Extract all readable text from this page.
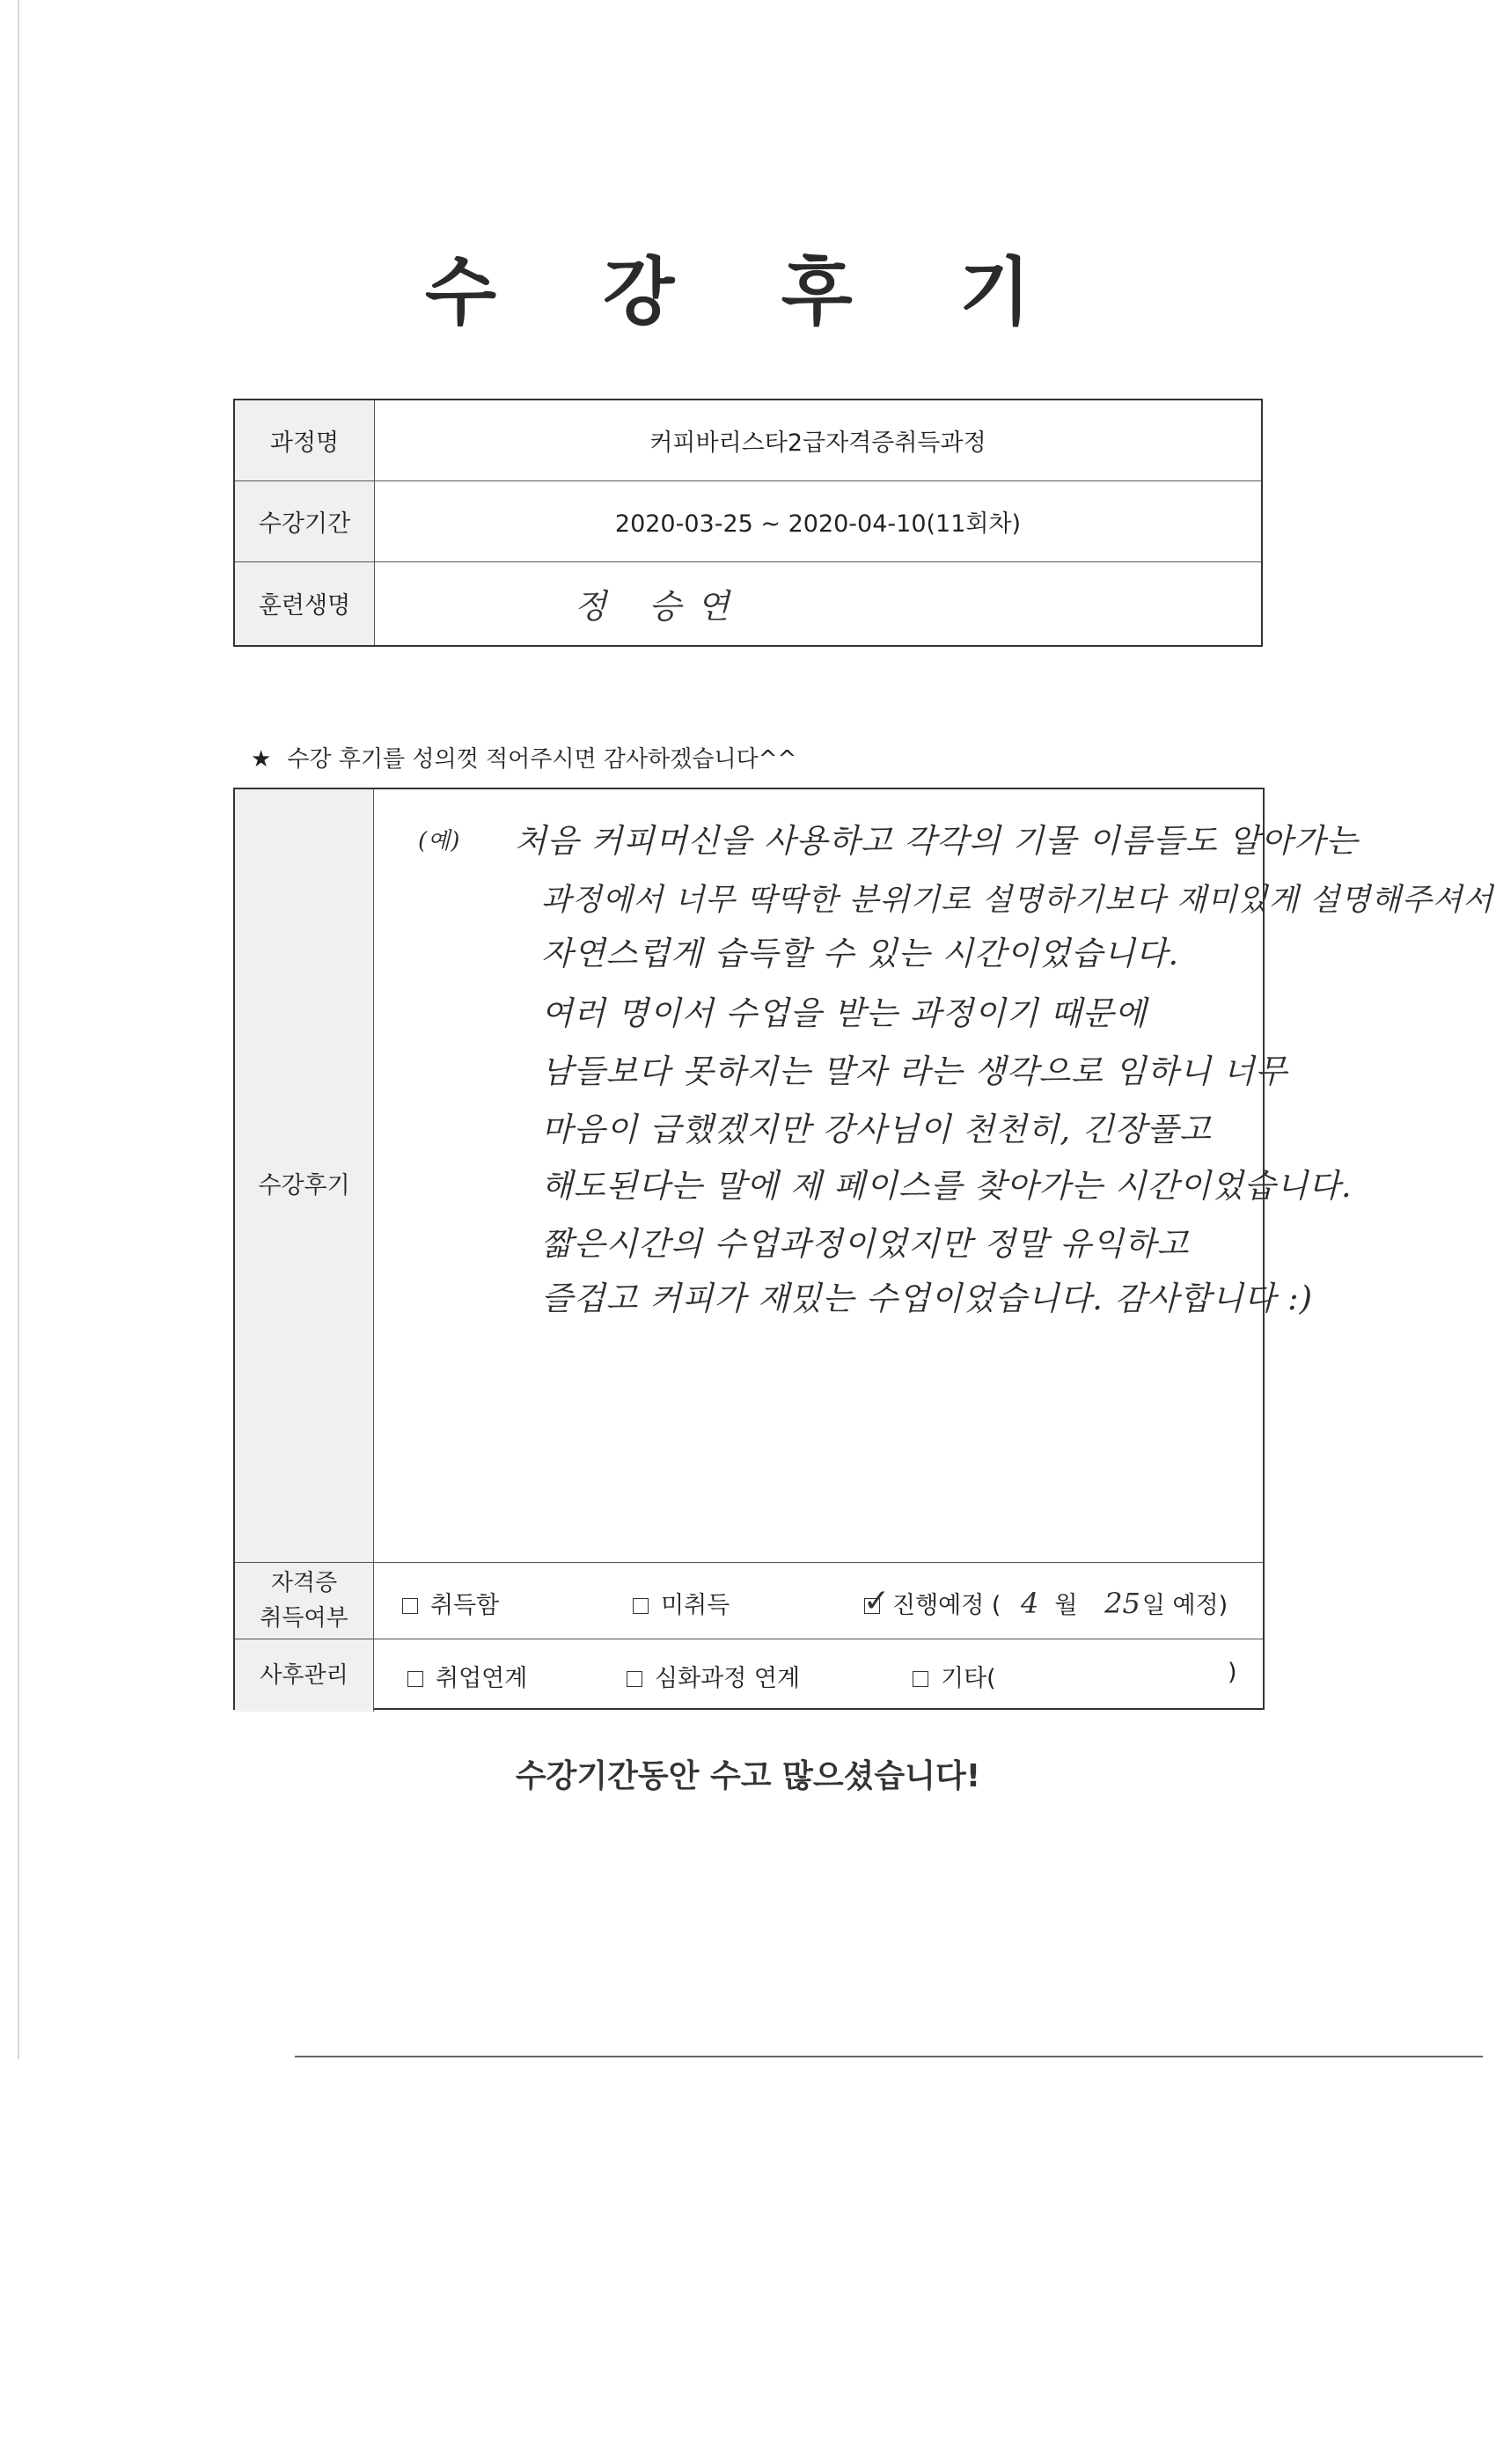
수 강 후 기
과정명	커피바리스타2급자격증취득과정
수강기간	2020-03-25 ~ 2020-04-10(11회차)
훈련생명	정 승연
★ 수강 후기를 성의껏 적어주시면 감사하겠습니다^^
수강후기
(예) 처음 커피머신을 사용하고 각각의 기물 이름들도 알아가는
과정에서 너무 딱딱한 분위기로 설명하기보다 재미있게 설명해주셔서
자연스럽게 습득할 수 있는 시간이었습니다.
여러 명이서 수업을 받는 과정이기 때문에
남들보다 못하지는 말자 라는 생각으로 임하니 너무
마음이 급했겠지만 강사님이 천천히, 긴장풀고
해도된다는 말에 제 페이스를 찾아가는 시간이었습니다.
짧은시간의 수업과정이었지만 정말 유익하고
즐겁고 커피가 재밌는 수업이었습니다. 감사합니다 :)
자격증
취득여부	취득함	미취득	✓ 진행예정 ( 4 월 25일 예정)
사후관리	취업연계	심화과정 연계	기타(	)
수강기간동안 수고 많으셨습니다!
